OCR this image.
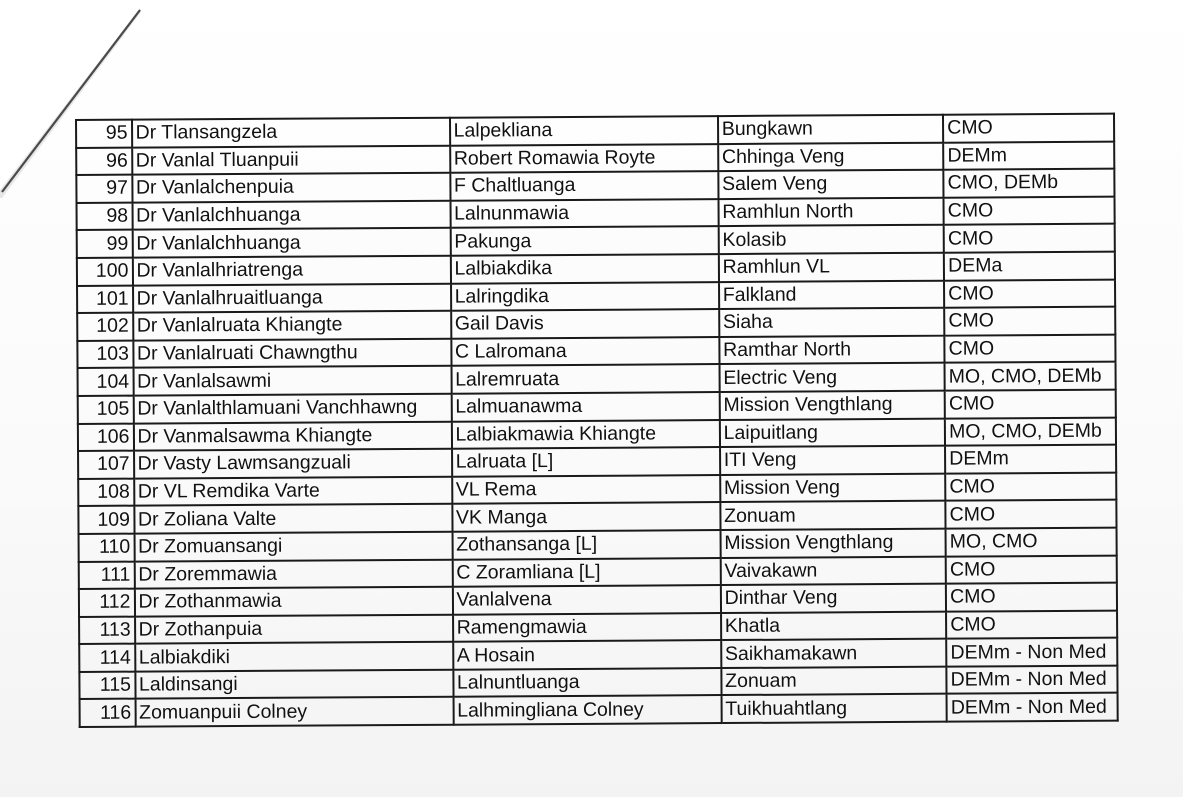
95	Dr Tlansangzela	Lalpekliana	Bungkawn	CMO
96	Dr Vanlal Tluanpuii	Robert Romawia Royte	Chhinga Veng	DEMm
97	Dr Vanlalchenpuia	F Chaltluanga	Salem Veng	CMO, DEMb
98	Dr Vanlalchhuanga	Lalnunmawia	Ramhlun North	CMO
99	Dr Vanlalchhuanga	Pakunga	Kolasib	CMO
100	Dr Vanlalhriatrenga	Lalbiakdika	Ramhlun VL	DEMa
101	Dr Vanlalhruaitluanga	Lalringdika	Falkland	CMO
102	Dr Vanlalruata Khiangte	Gail Davis	Siaha	CMO
103	Dr Vanlalruati Chawngthu	C Lalromana	Ramthar North	CMO
104	Dr Vanlalsawmi	Lalremruata	Electric Veng	MO, CMO, DEMb
105	Dr Vanlalthlamuani Vanchhawng	Lalmuanawma	Mission Vengthlang	CMO
106	Dr Vanmalsawma Khiangte	Lalbiakmawia Khiangte	Laipuitlang	MO, CMO, DEMb
107	Dr Vasty Lawmsangzuali	Lalruata [L]	ITI Veng	DEMm
108	Dr VL Remdika Varte	VL Rema	Mission Veng	CMO
109	Dr Zoliana Valte	VK Manga	Zonuam	CMO
110	Dr Zomuansangi	Zothansanga [L]	Mission Vengthlang	MO, CMO
111	Dr Zoremmawia	C Zoramliana [L]	Vaivakawn	CMO
112	Dr Zothanmawia	Vanlalvena	Dinthar Veng	CMO
113	Dr Zothanpuia	Ramengmawia	Khatla	CMO
114	Lalbiakdiki	A Hosain	Saikhamakawn	DEMm - Non Med
115	Laldinsangi	Lalnuntluanga	Zonuam	DEMm - Non Med
116	Zomuanpuii Colney	Lalhmingliana Colney	Tuikhuahtlang	DEMm - Non Med
